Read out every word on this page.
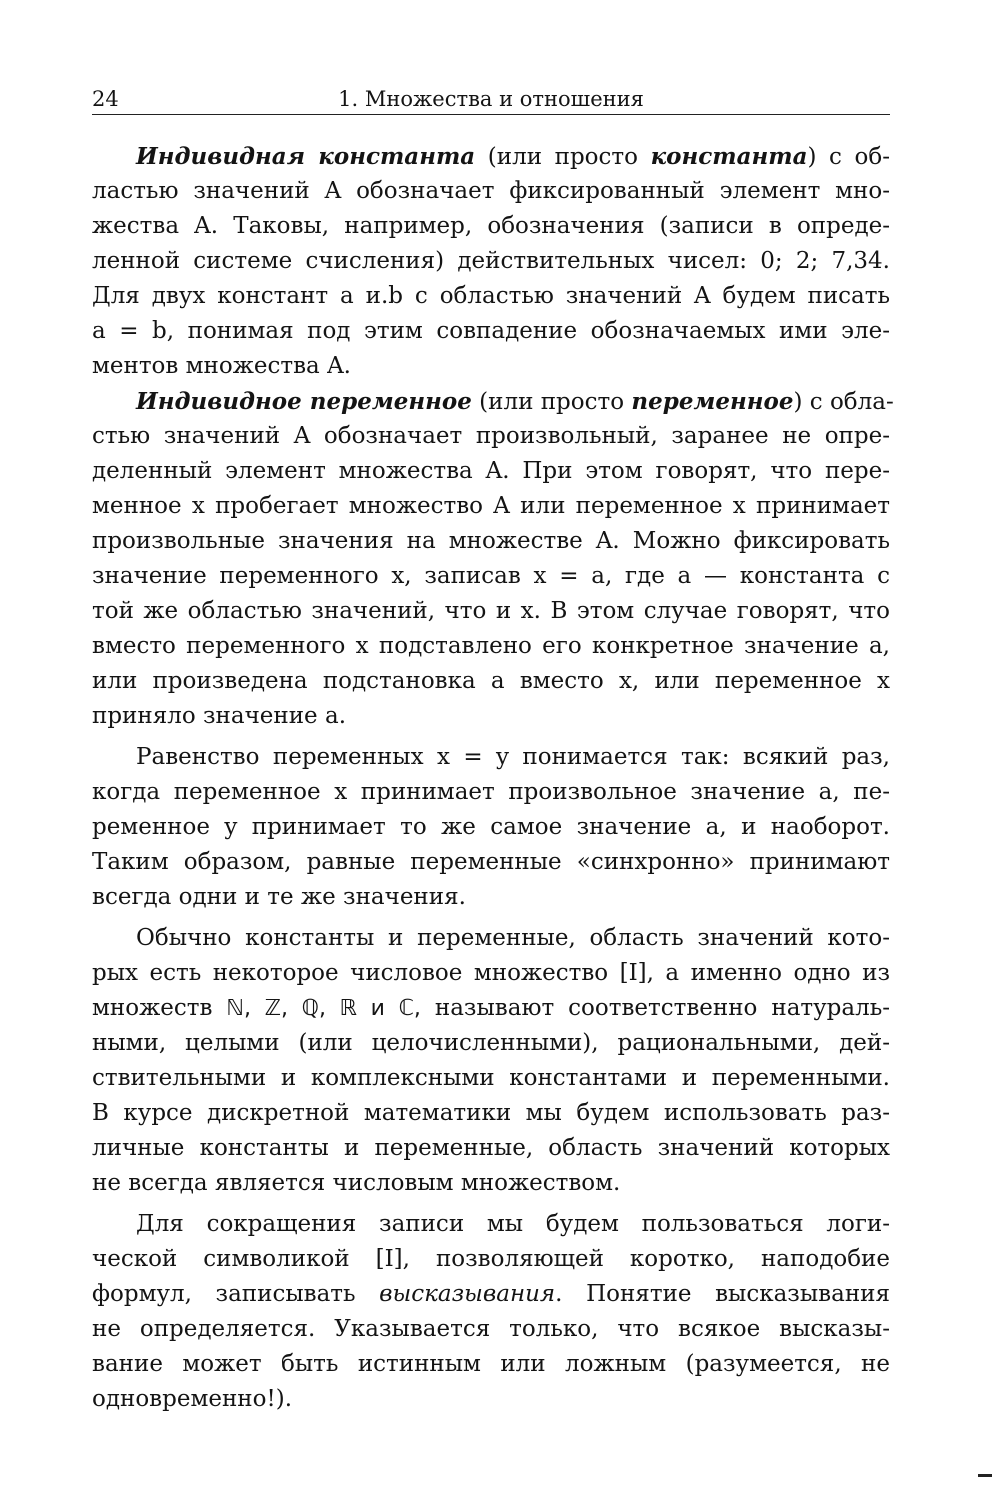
24	1. Множества и отношения
Индивидная константа (или просто константа) с об-
ластью значений A обозначает фиксированный элемент мно-
жества A. Таковы, например, обозначения (записи в опреде-
ленной системе счисления) действительных чисел: 0; 2; 7,34.
Для двух констант a и.b с областью значений A будем писать
a = b, понимая под этим совпадение обозначаемых ими эле-
ментов множества A.
Индивидное переменное (или просто переменное) с обла-
стью значений A обозначает произвольный, заранее не опре-
деленный элемент множества A. При этом говорят, что пере-
менное x пробегает множество A или переменное x принимает
произвольные значения на множестве A. Можно фиксировать
значение переменного x, записав x = a, где a — константа с
той же областью значений, что и x. В этом случае говорят, что
вместо переменного x подставлено его конкретное значение a,
или произведена подстановка a вместо x, или переменное x
приняло значение a.
Равенство переменных x = y понимается так: всякий раз,
когда переменное x принимает произвольное значение a, пе-
ременное y принимает то же самое значение a, и наоборот.
Таким образом, равные переменные «синхронно» принимают
всегда одни и те же значения.
Обычно константы и переменные, область значений кото-
рых есть некоторое числовое множество [I], а именно одно из
множеств ℕ, ℤ, ℚ, ℝ и ℂ, называют соответственно натураль-
ными, целыми (или целочисленными), рациональными, дей-
ствительными и комплексными константами и переменными.
В курсе дискретной математики мы будем использовать раз-
личные константы и переменные, область значений которых
не всегда является числовым множеством.
Для сокращения записи мы будем пользоваться логи-
ческой символикой [I], позволяющей коротко, наподобие
формул, записывать высказывания. Понятие высказывания
не определяется. Указывается только, что всякое высказы-
вание может быть истинным или ложным (разумеется, не
одновременно!).
